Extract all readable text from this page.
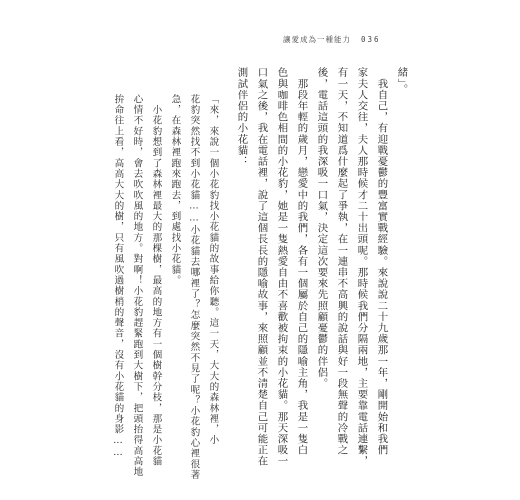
讓愛成為一種能力 036
緒」。
　我自己，有迎戰憂鬱的豐富實戰經驗。來說說二十九歲那一年，剛開始和我們
家夫人交往，夫人那時候才二十出頭呢。那時候我們分隔兩地，主要靠電話連繫，
有一天，不知道爲什麼起了爭執，在一連串不高興的說話與好一段無聲的冷戰之
後，電話這頭的我深吸一口氣，決定這次要來先照顧憂鬱的伴侶。
　那段年輕的歲月，戀愛中的我們，各有一個屬於自己的隱喻主角，我是一隻白
色與咖啡色相間的小花豹，她是一隻熱愛自由不喜歡被拘束的小花貓。那天深吸一
口氣之後，我在電話裡，說了這個長長的隱喻故事，來照顧並不清楚自己可能正在
測試伴侶的小花貓：
「來，來說一個小花豹找小花貓的故事給你聽。這一天，大大的森林裡，小
花豹突然找不到小花貓……小花貓去哪裡了？怎麼突然不見了呢？小花豹心裡很著
急，在森林裡跑來跑去，到處找小花貓。
　小花豹想到了森林裡最大的那棵樹，最高的地方有一個樹幹分枝，那是小花貓
心情不好時，會去吹吹風的地方。對啊！小花豹趕緊跑到大樹下，把頭抬得高高地
拚命往上看，高高大大的樹，只有風吹過樹梢的聲音，沒有小花貓的身影……
